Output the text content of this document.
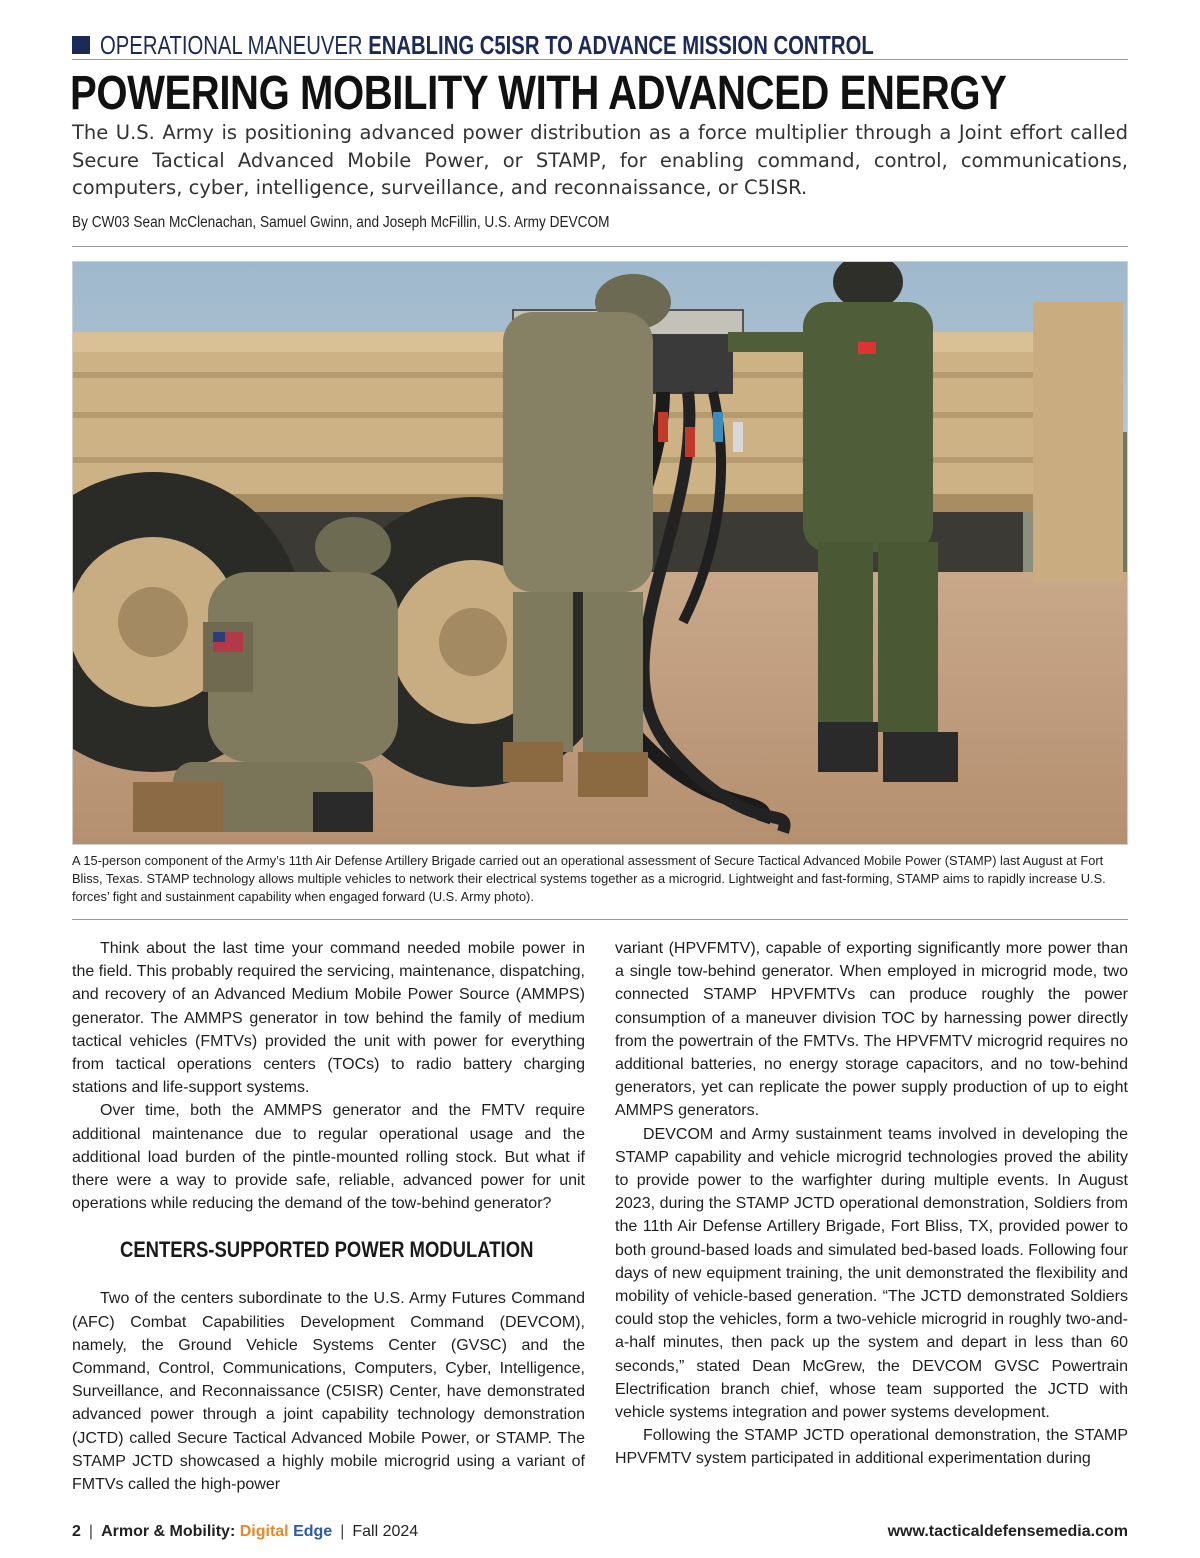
OPERATIONAL MANEUVER ENABLING C5ISR TO ADVANCE MISSION CONTROL
POWERING MOBILITY WITH ADVANCED ENERGY

The U.S. Army is positioning advanced power distribution as a force multiplier through a Joint effort called Secure Tactical Advanced Mobile Power, or STAMP, for enabling command, control, communications, computers, cyber, intelligence, surveillance, and reconnaissance, or C5ISR.

By CW03 Sean McClenachan, Samuel Gwinn, and Joseph McFillin, U.S. Army DEVCOM

A 15-person component of the Army’s 11th Air Defense Artillery Brigade carried out an operational assessment of Secure Tactical Advanced Mobile Power (STAMP) last August at Fort Bliss, Texas. STAMP technology allows multiple vehicles to network their electrical systems together as a microgrid. Lightweight and fast-forming, STAMP aims to rapidly increase U.S. forces’ fight and sustainment capability when engaged forward (U.S. Army photo).

Think about the last time your command needed mobile power in the field. This probably required the servicing, maintenance, dispatching, and recovery of an Advanced Medium Mobile Power Source (AMMPS) generator. The AMMPS generator in tow behind the family of medium tactical vehicles (FMTVs) provided the unit with power for everything from tactical operations centers (TOCs) to radio battery charging stations and life-support systems.

Over time, both the AMMPS generator and the FMTV require additional maintenance due to regular operational usage and the additional load burden of the pintle-mounted rolling stock. But what if there were a way to provide safe, reliable, advanced power for unit operations while reducing the demand of the tow-behind generator?

CENTERS-SUPPORTED POWER MODULATION

Two of the centers subordinate to the U.S. Army Futures Command (AFC) Combat Capabilities Development Command (DEVCOM), namely, the Ground Vehicle Systems Center (GVSC) and the Command, Control, Communications, Computers, Cyber, Intelligence, Surveillance, and Reconnaissance (C5ISR) Center, have demonstrated advanced power through a joint capability technology demonstration (JCTD) called Secure Tactical Advanced Mobile Power, or STAMP. The STAMP JCTD showcased a highly mobile microgrid using a variant of FMTVs called the high-power

variant (HPVFMTV), capable of exporting significantly more power than a single tow-behind generator. When employed in microgrid mode, two connected STAMP HPVFMTVs can produce roughly the power consumption of a maneuver division TOC by harnessing power directly from the powertrain of the FMTVs. The HPVFMTV microgrid requires no additional batteries, no energy storage capacitors, and no tow-behind generators, yet can replicate the power supply production of up to eight AMMPS generators.

DEVCOM and Army sustainment teams involved in developing the STAMP capability and vehicle microgrid technologies proved the ability to provide power to the warfighter during multiple events. In August 2023, during the STAMP JCTD operational demonstration, Soldiers from the 11th Air Defense Artillery Brigade, Fort Bliss, TX, provided power to both ground-based loads and simulated bed-based loads. Following four days of new equipment training, the unit demonstrated the flexibility and mobility of vehicle-based generation. “The JCTD demonstrated Soldiers could stop the vehicles, form a two-vehicle microgrid in roughly two-and-a-half minutes, then pack up the system and depart in less than 60 seconds,” stated Dean McGrew, the DEVCOM GVSC Powertrain Electrification branch chief, whose team supported the JCTD with vehicle systems integration and power systems development.

Following the STAMP JCTD operational demonstration, the STAMP HPVFMTV system participated in additional experimentation during

2 | Armor & Mobility: Digital Edge | Fall 2024	www.tacticaldefensemedia.com
